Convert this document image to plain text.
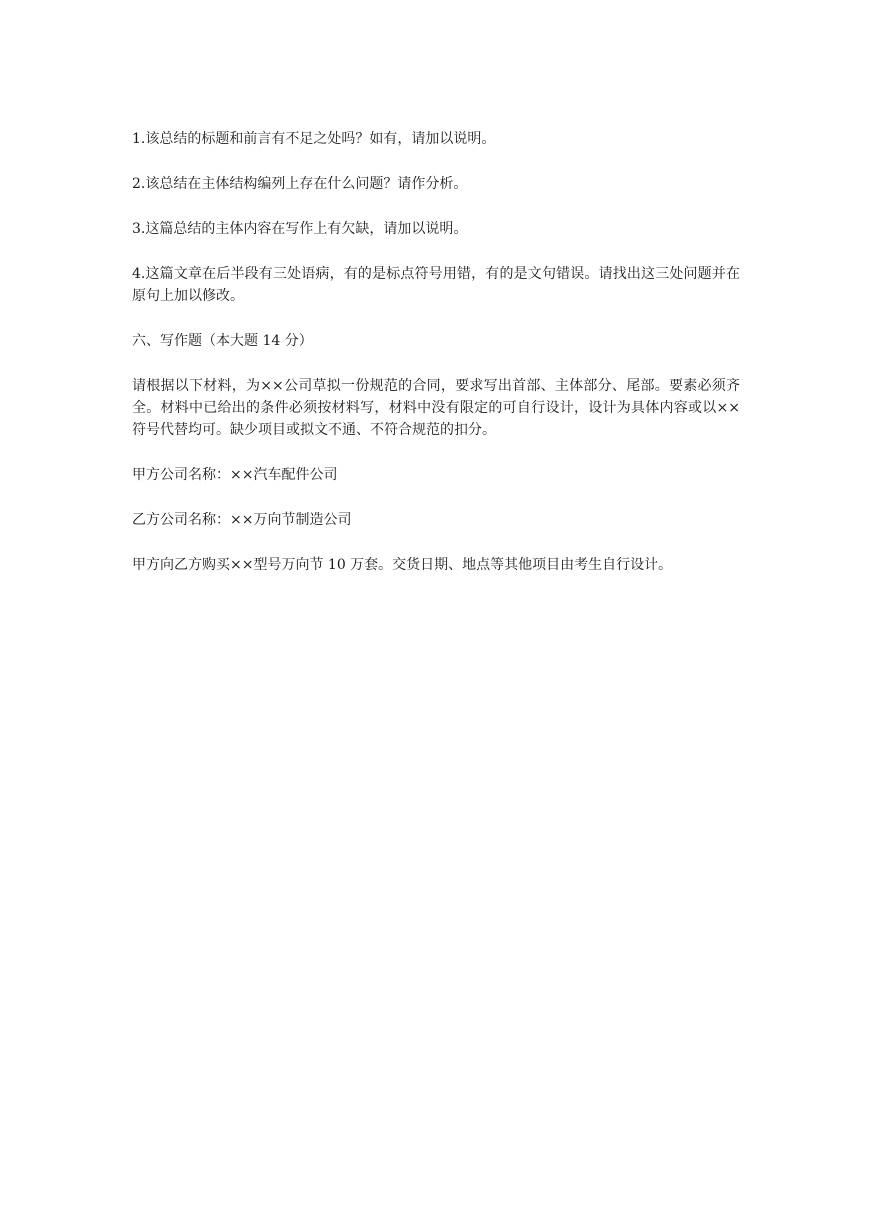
1.该总结的标题和前言有不足之处吗？如有，请加以说明。

2.该总结在主体结构编列上存在什么问题？请作分析。

3.这篇总结的主体内容在写作上有欠缺，请加以说明。

4.这篇文章在后半段有三处语病，有的是标点符号用错，有的是文句错误。请找出这三处问题并在原句上加以修改。

六、写作题（本大题 14 分）

请根据以下材料，为××公司草拟一份规范的合同，要求写出首部、主体部分、尾部。要素必须齐全。材料中已给出的条件必须按材料写，材料中没有限定的可自行设计，设计为具体内容或以××符号代替均可。缺少项目或拟文不通、不符合规范的扣分。

甲方公司名称：××汽车配件公司

乙方公司名称：××万向节制造公司

甲方向乙方购买××型号万向节 10 万套。交货日期、地点等其他项目由考生自行设计。
